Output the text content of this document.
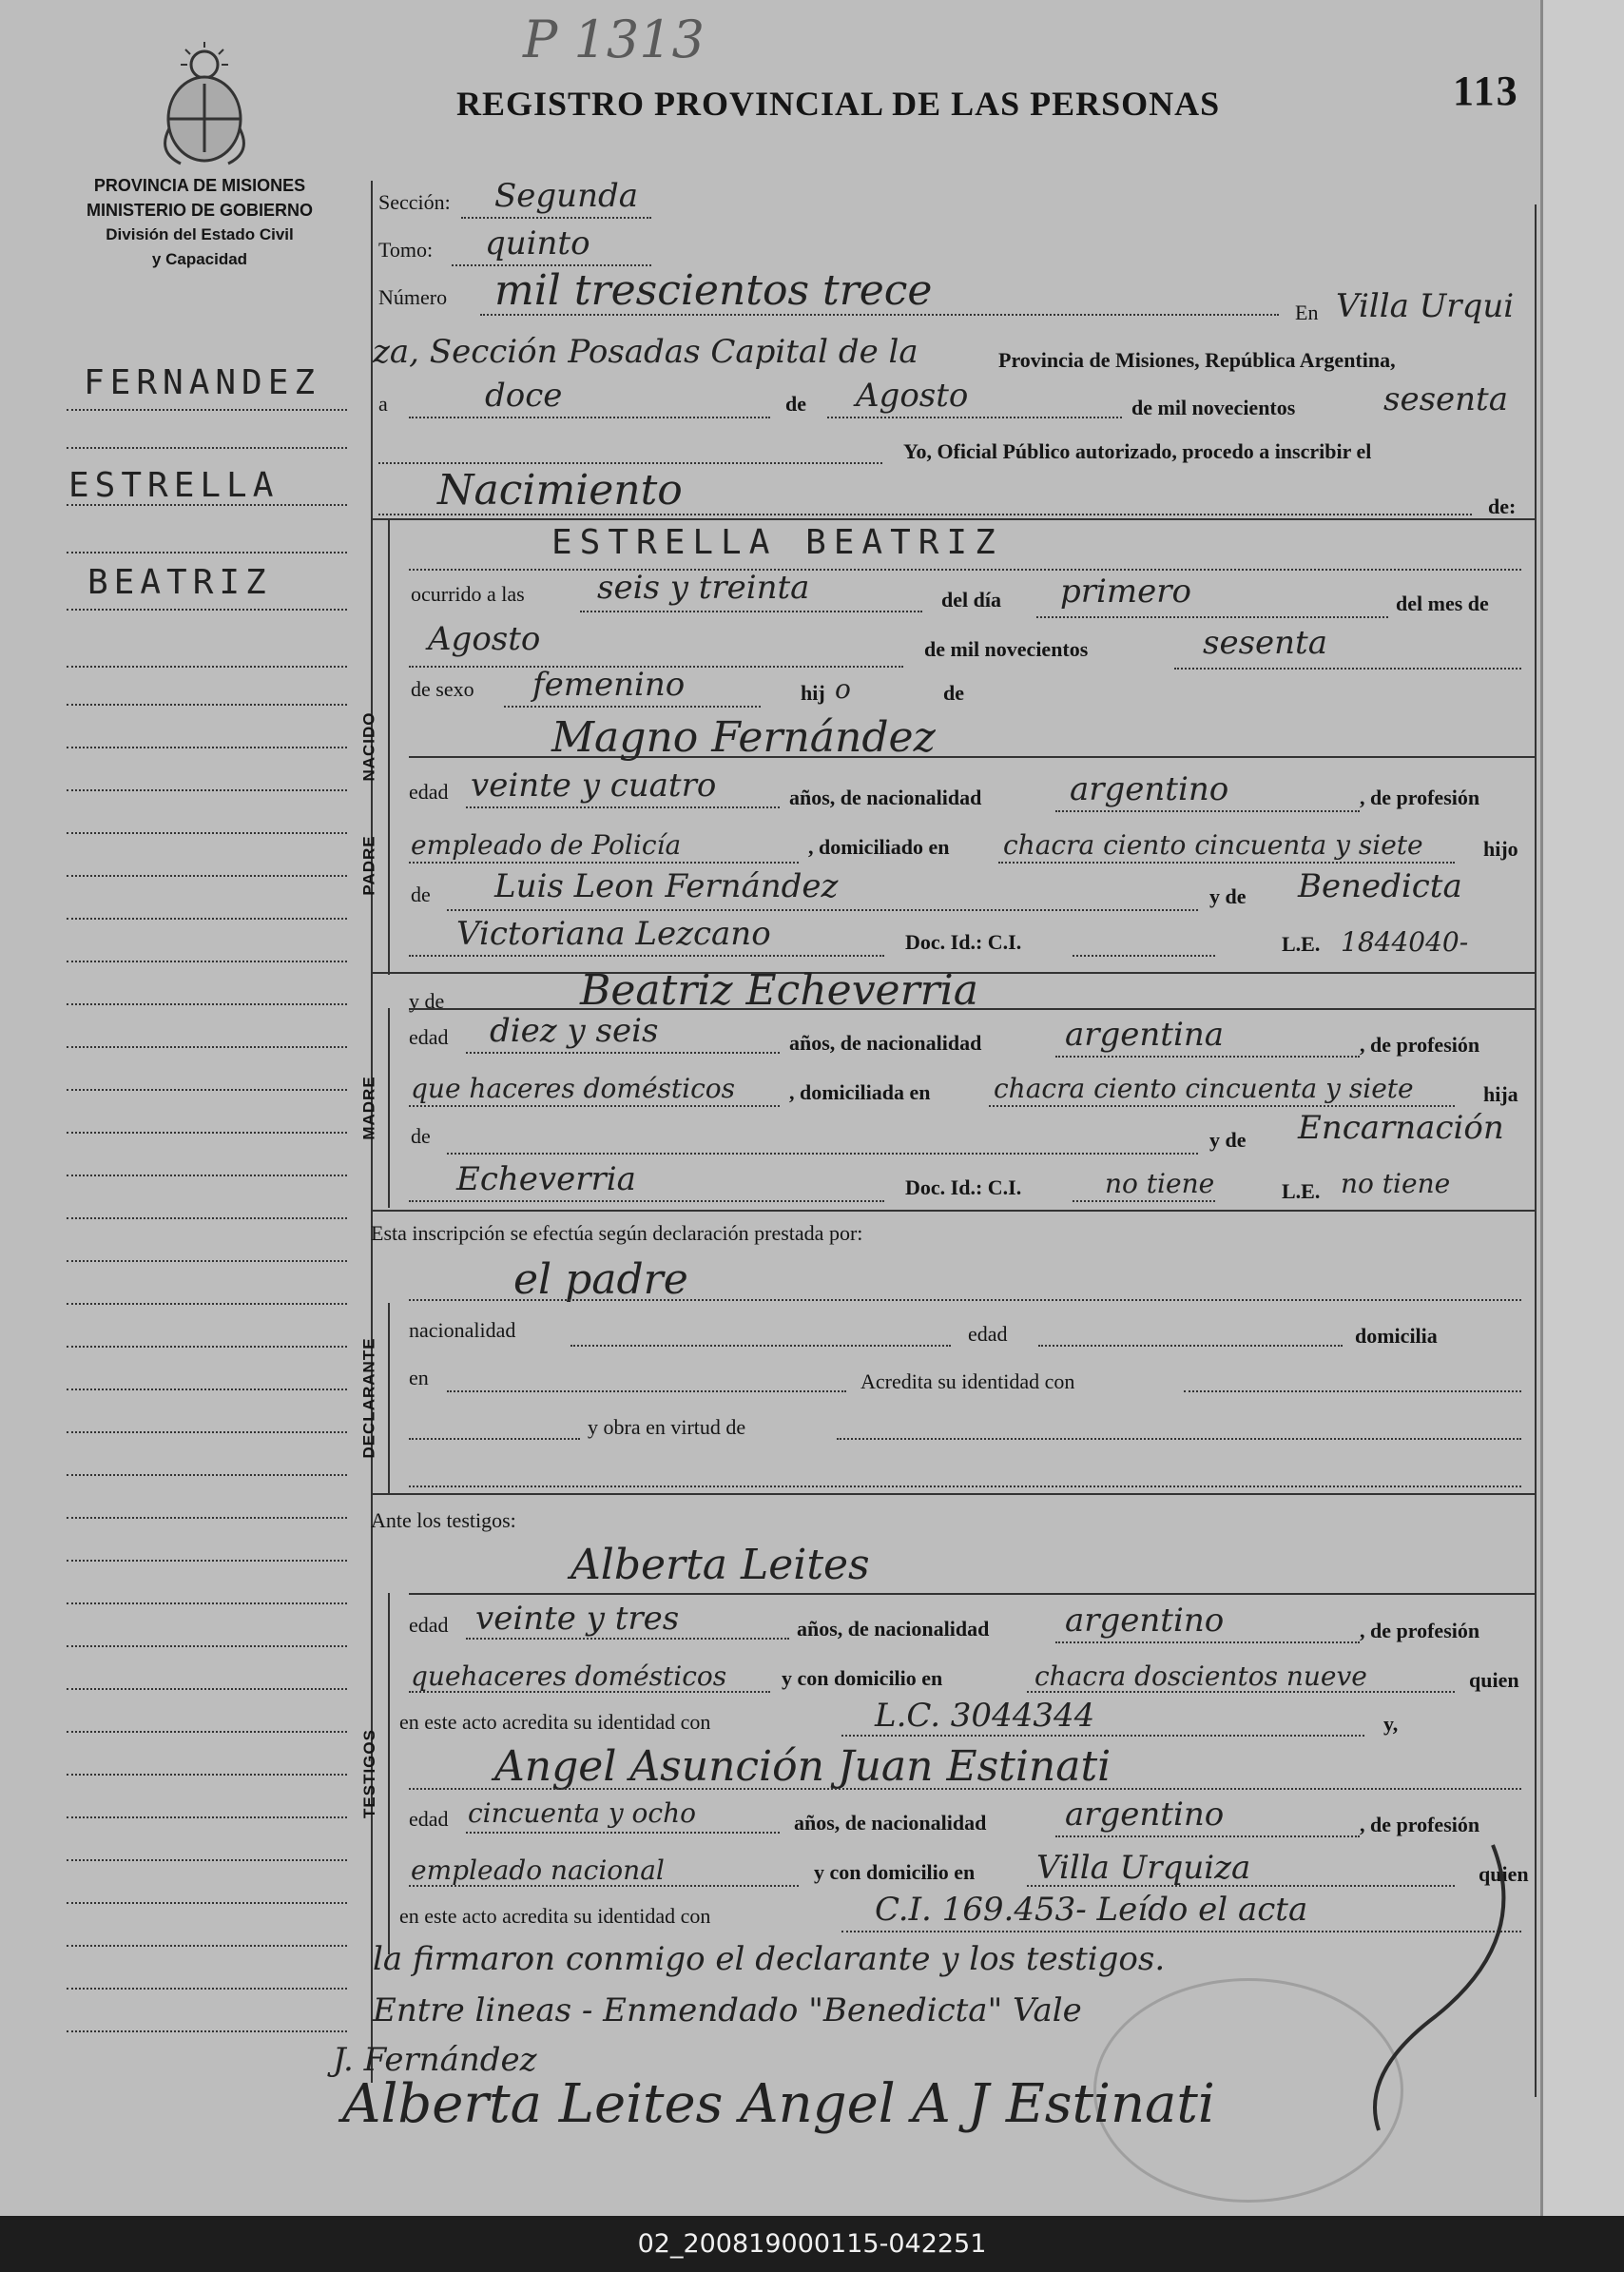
P 1313
REGISTRO PROVINCIAL DE LAS PERSONAS	113
PROVINCIA DE MISIONES
MINISTERIO DE GOBIERNO
División del Estado Civil
y Capacidad
FERNANDEZ
ESTRELLA
BEATRIZ
Sección: Segunda
Tomo: quinto
Número mil trescientos trece	En Villa Urqui
za, Sección Posadas Capital de la	Provincia de Misiones, República Argentina,
a	doce	de Agosto	de mil novecientos	sesenta
Yo, Oficial Público autorizado, procedo a inscribir el
Nacimiento	de:
NACIDO
ESTRELLA BEATRIZ
ocurrido a las seis y treinta	del día primero	del mes de
Agosto	de mil novecientos	sesenta
de sexo femenino	hij o	de
PADRE
Magno Fernández
edad veinte y cuatro	años, de nacionalidad	argentino	, de profesión
empleado de Policía	, domiciliado en chacra ciento cincuenta y siete	hijo
de Luis Leon Fernández	y de Benedicta
Victoriana Lezcano	Doc. Id.: C.I.	L.E. 1844040-
y de	Beatriz Echeverria
MADRE
edad diez y seis	años, de nacionalidad	argentina	, de profesión
que haceres domésticos	, domiciliada en chacra ciento cincuenta y siete	hija
de	y de Encarnación
Echeverria	Doc. Id.: C.I.	no tiene	L.E. no tiene
Esta inscripción se efectúa según declaración prestada por:
el padre
DECLARANTE
nacionalidad	edad	domicilia
en	Acredita su identidad con
y obra en virtud de
Ante los testigos:
Alberta Leites
TESTIGOS
edad veinte y tres	años, de nacionalidad argentino	, de profesión
quehaceres domésticos	y con domicilio en	chacra doscientos nueve	quien
en este acto acredita su identidad con	L.C. 3044344	y,
Angel Asunción Juan Estinati
edad cincuenta y ocho	años, de nacionalidad argentino	, de profesión
empleado nacional	y con domicilio en Villa Urquiza	quien
en este acto acredita su identidad con	C.I. 169.453- Leído el acta
la firmaron conmigo el declarante y los testigos.
Entre lineas - Enmendado "Benedicta" Vale
J. Fernández
Alberta Leites Angel A J Estinati
02_200819000115-042251
